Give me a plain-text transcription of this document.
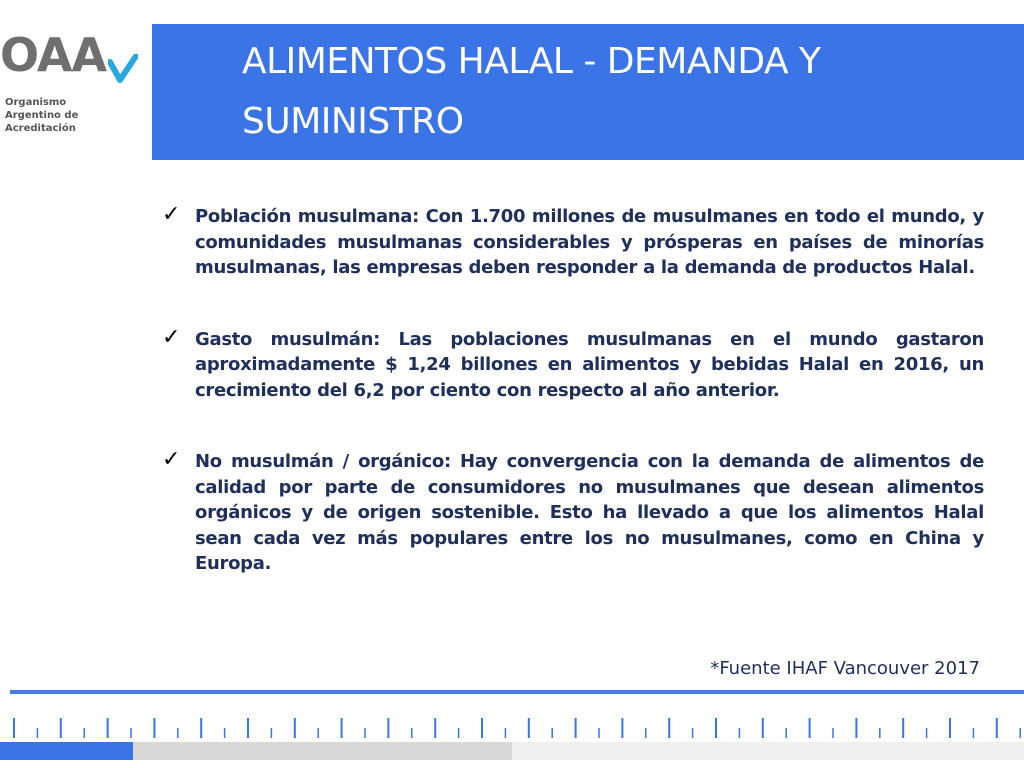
OAA
Organismo
Argentino de
Acreditación
ALIMENTOS HALAL - DEMANDA Y SUMINISTRO
✓ Población musulmana: Con 1.700 millones de musulmanes en todo el mundo, y comunidades musulmanas considerables y prósperas en países de minorías musulmanas, las empresas deben responder a la demanda de productos Halal.
✓ Gasto musulmán: Las poblaciones musulmanas en el mundo gastaron aproximadamente $ 1,24 billones en alimentos y bebidas Halal en 2016, un crecimiento del 6,2 por ciento con respecto al año anterior.
✓ No musulmán / orgánico: Hay convergencia con la demanda de alimentos de calidad por parte de consumidores no musulmanes que desean alimentos orgánicos y de origen sostenible. Esto ha llevado a que los alimentos Halal sean cada vez más populares entre los no musulmanes, como en China y Europa.
*Fuente IHAF Vancouver 2017
